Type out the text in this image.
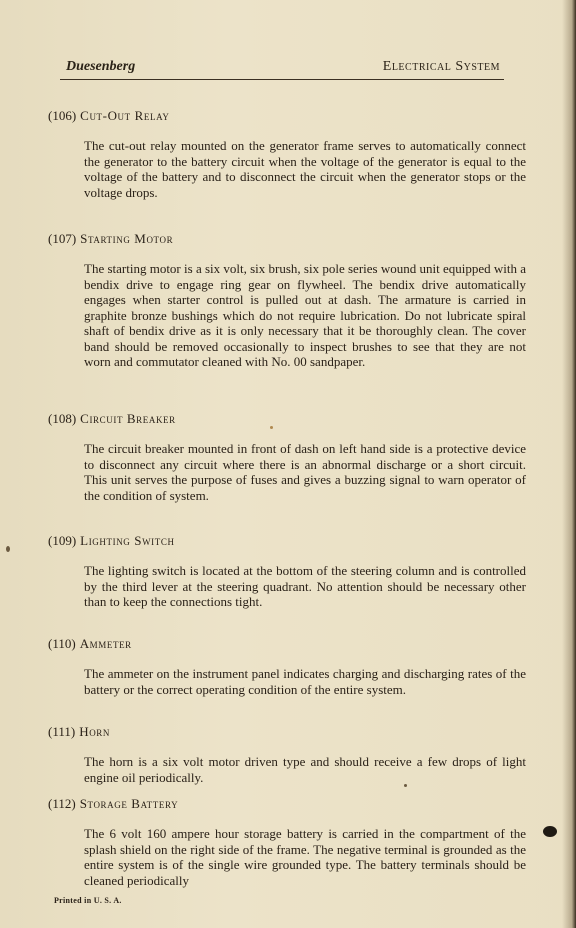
Duesenberg	Electrical System
(106) Cut-Out Relay
The cut-out relay mounted on the generator frame serves to automatically connect the generator to the battery circuit when the voltage of the generator is equal to the voltage of the battery and to disconnect the circuit when the generator stops or the voltage drops.
(107) Starting Motor
The starting motor is a six volt, six brush, six pole series wound unit equipped with a bendix drive to engage ring gear on flywheel. The bendix drive automatically engages when starter control is pulled out at dash. The armature is carried in graphite bronze bushings which do not require lubrication. Do not lubricate spiral shaft of bendix drive as it is only necessary that it be thoroughly clean. The cover band should be removed occasionally to inspect brushes to see that they are not worn and commutator cleaned with No. 00 sandpaper.
(108) Circuit Breaker
The circuit breaker mounted in front of dash on left hand side is a protective device to disconnect any circuit where there is an abnormal discharge or a short circuit. This unit serves the purpose of fuses and gives a buzzing signal to warn operator of the condition of system.
(109) Lighting Switch
The lighting switch is located at the bottom of the steering column and is controlled by the third lever at the steering quadrant. No attention should be necessary other than to keep the connections tight.
(110) Ammeter
The ammeter on the instrument panel indicates charging and discharging rates of the battery or the correct operating condition of the entire system.
(111) Horn
The horn is a six volt motor driven type and should receive a few drops of light engine oil periodically.
(112) Storage Battery
The 6 volt 160 ampere hour storage battery is carried in the compartment of the splash shield on the right side of the frame. The negative terminal is grounded as the entire system is of the single wire grounded type. The battery terminals should be cleaned periodically
Printed in U. S. A.
